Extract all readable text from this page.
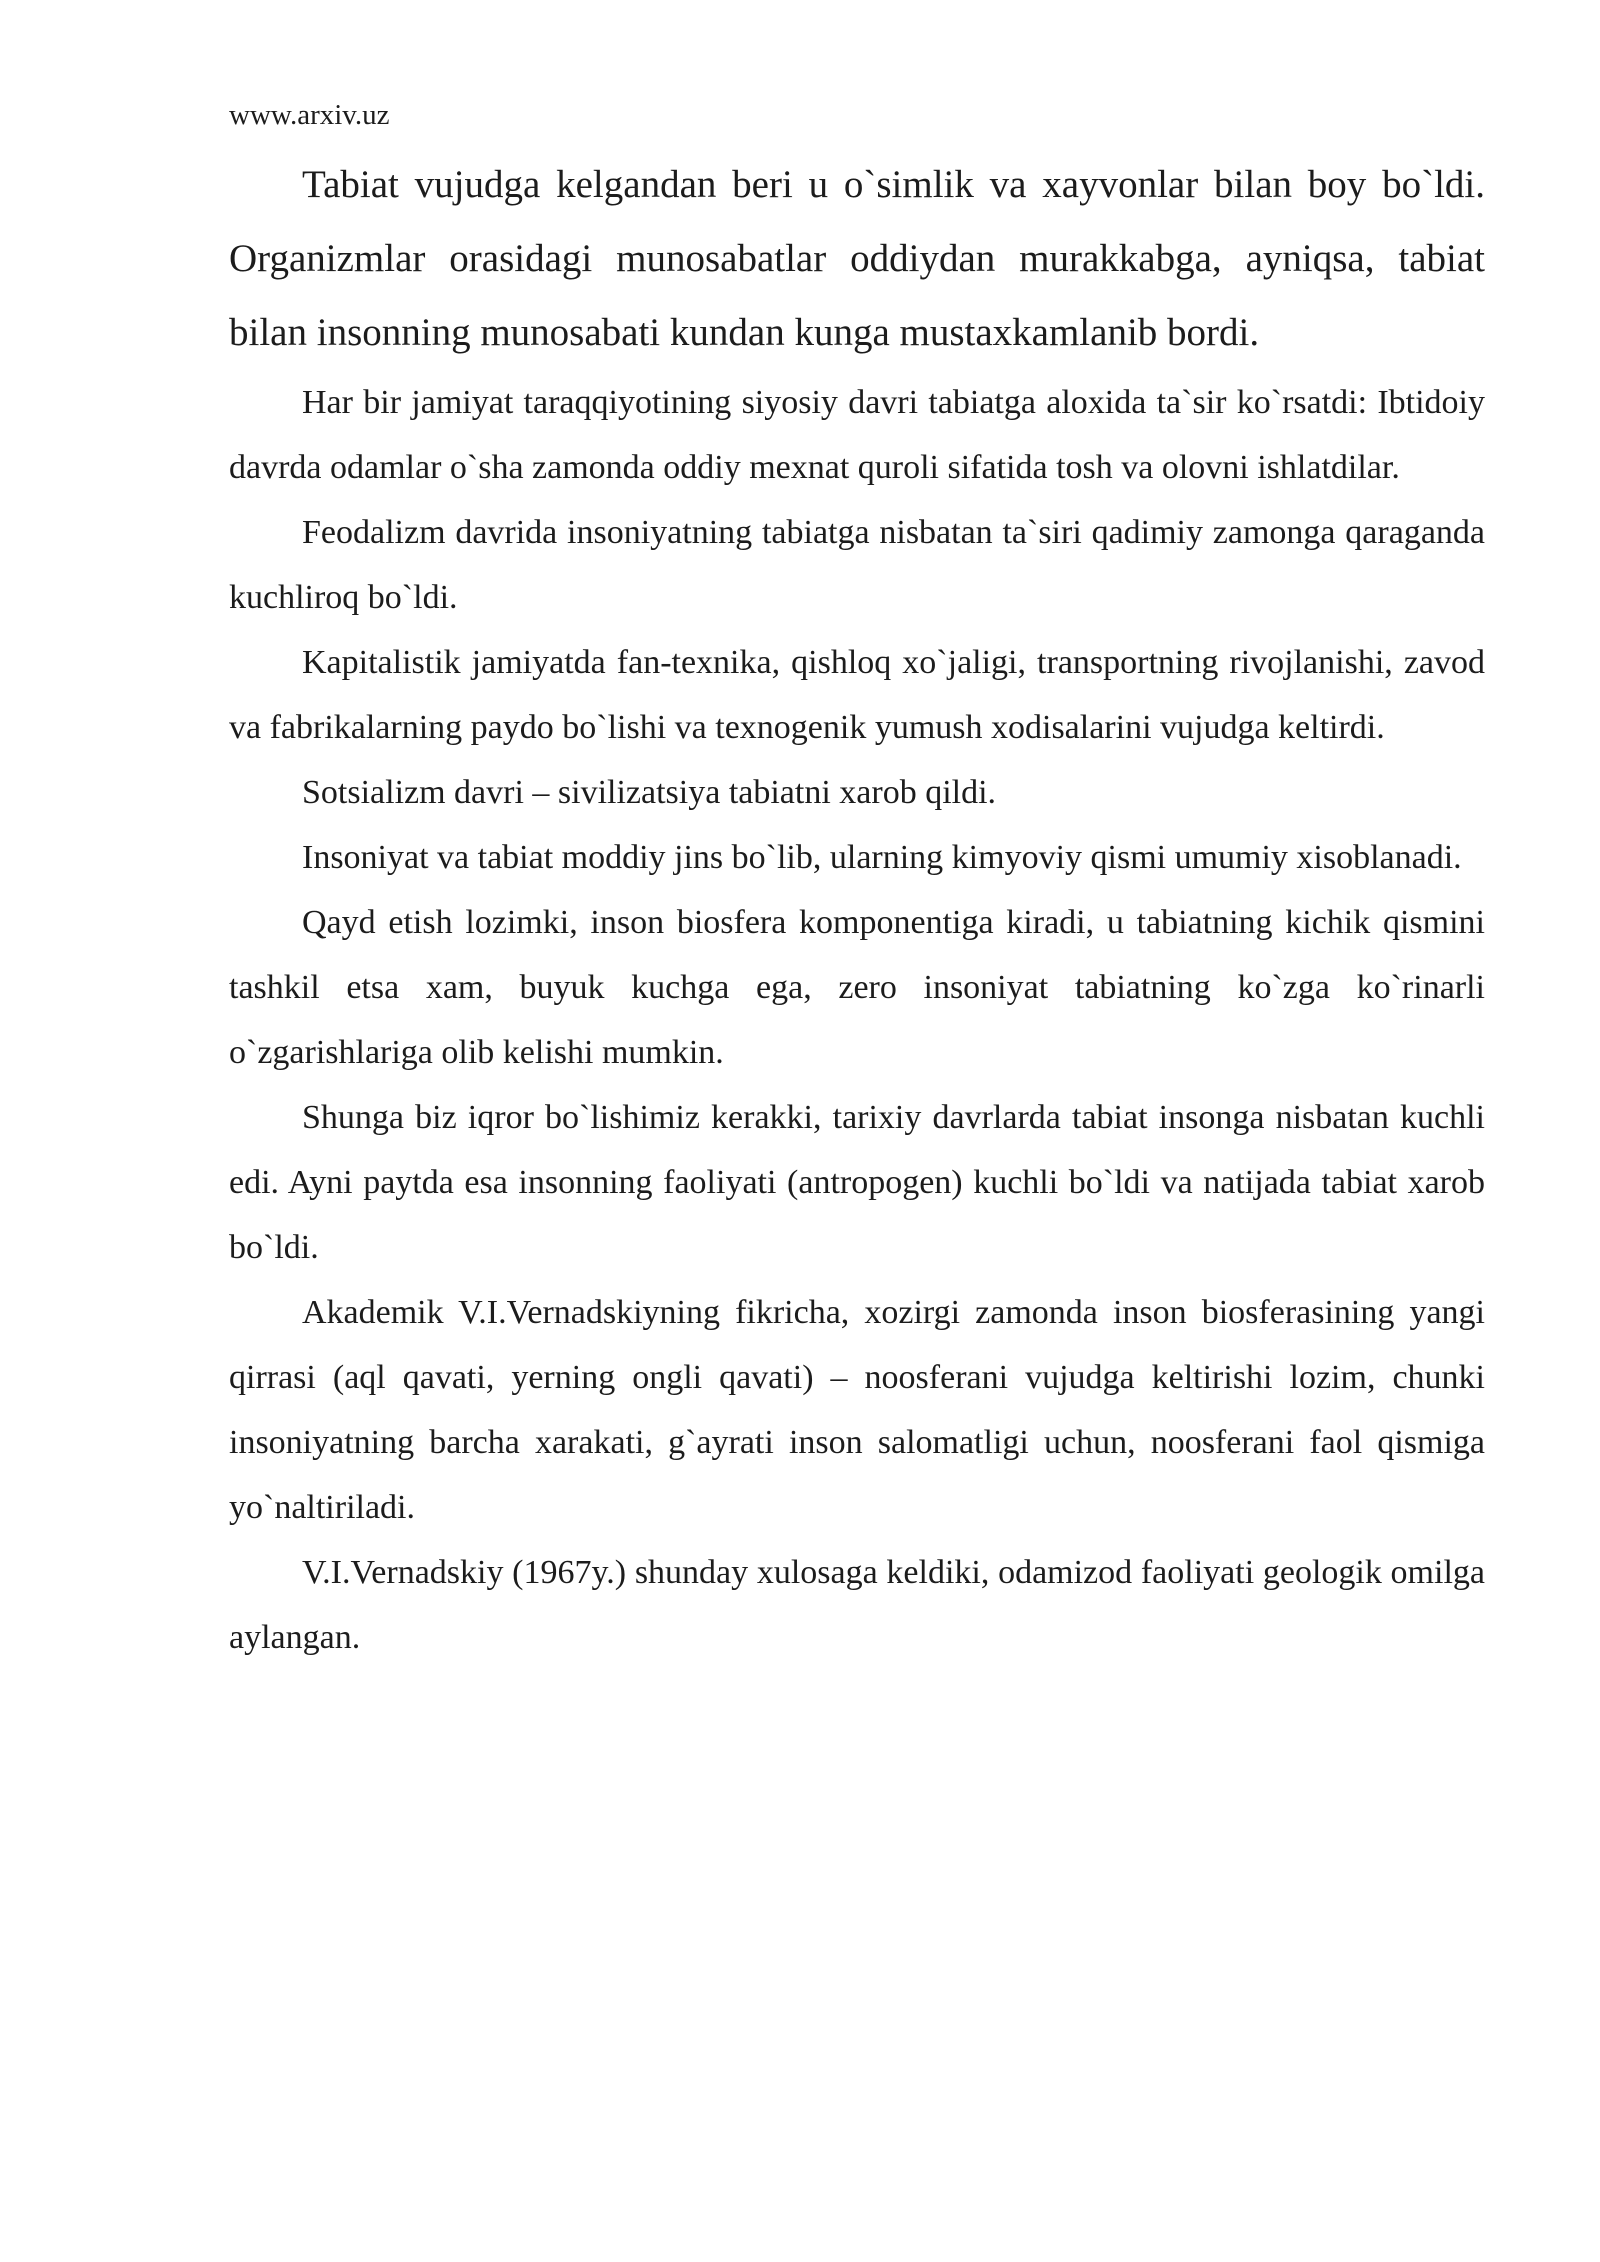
www.arxiv.uz

Tabiat vujudga kelgandan beri u o`simlik va xayvonlar bilan boy bo`ldi. Organizmlar orasidagi munosabatlar oddiydan murakkabga, ayniqsa, tabiat bilan insonning munosabati kundan kunga mustaxkamlanib bordi.

Har bir jamiyat taraqqiyotining siyosiy davri tabiatga aloxida ta`sir ko`rsatdi: Ibtidoiy davrda odamlar o`sha zamonda oddiy mexnat quroli sifatida tosh va olovni ishlatdilar.

Feodalizm davrida insoniyatning tabiatga nisbatan ta`siri qadimiy zamonga qaraganda kuchliroq bo`ldi.

Kapitalistik jamiyatda fan-texnika, qishloq xo`jaligi, transportning rivojlanishi, zavod va fabrikalarning paydo bo`lishi va texnogenik yumush xodisalarini vujudga keltirdi.

Sotsializm davri – sivilizatsiya tabiatni xarob qildi.

Insoniyat va tabiat moddiy jins bo`lib, ularning kimyoviy qismi umumiy xisoblanadi.

Qayd etish lozimki, inson biosfera komponentiga kiradi, u tabiatning kichik qismini tashkil etsa xam, buyuk kuchga ega, zero insoniyat tabiatning ko`zga ko`rinarli o`zgarishlariga olib kelishi mumkin.

Shunga biz iqror bo`lishimiz kerakki, tarixiy davrlarda tabiat insonga nisbatan kuchli edi. Ayni paytda esa insonning faoliyati (antropogen) kuchli bo`ldi va natijada tabiat xarob bo`ldi.

Akademik V.I.Vernadskiyning fikricha, xozirgi zamonda inson biosferasining yangi qirrasi (aql qavati, yerning ongli qavati) – noosferani vujudga keltirishi lozim, chunki insoniyatning barcha xarakati, g`ayrati inson salomatligi uchun, noosferani faol qismiga yo`naltiriladi.

V.I.Vernadskiy (1967y.) shunday xulosaga keldiki, odamizod faoliyati geologik omilga aylangan.
